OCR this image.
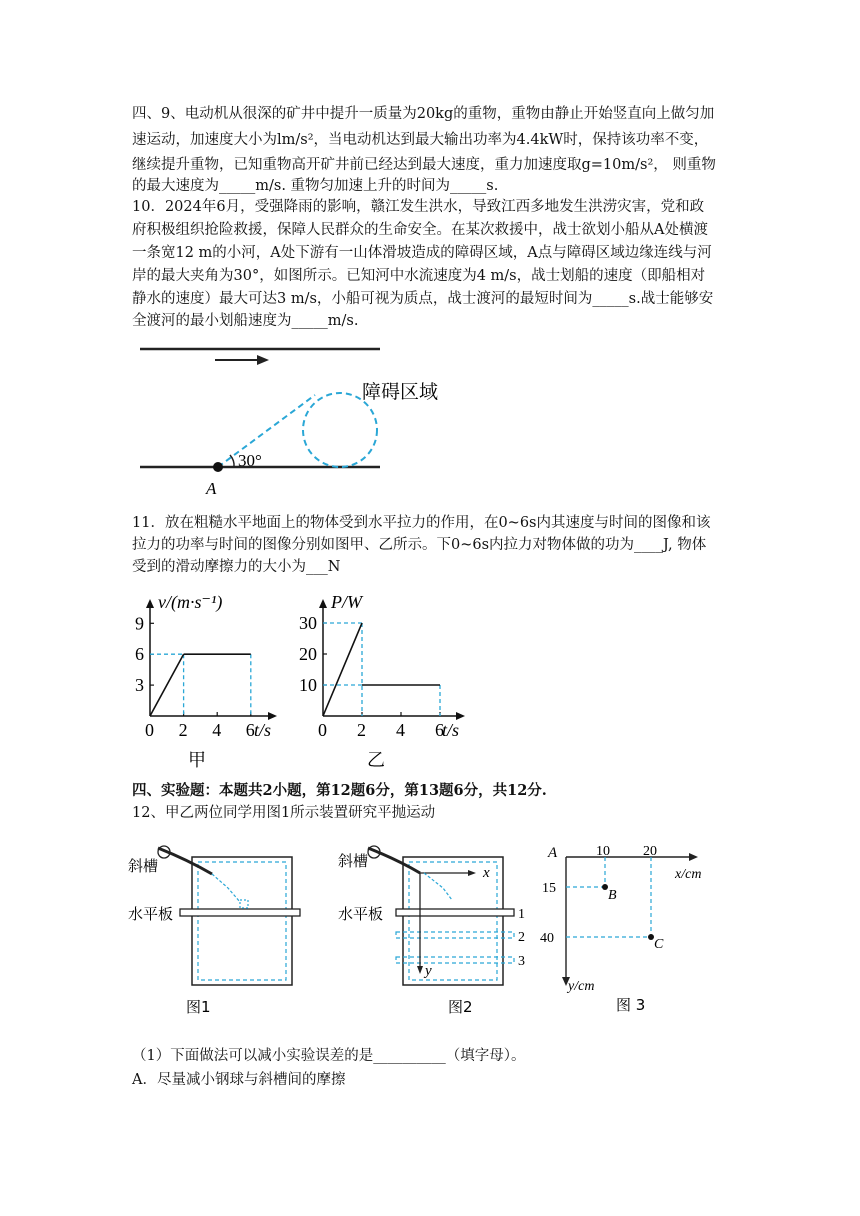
四、9、电动机从很深的矿井中提升一质量为20kg的重物，重物由静止开始竖直向上做匀加
速运动，加速度大小为lm/s²，当电动机达到最大输出功率为4.4kW时，保持该功率不变，
继续提升重物，已知重物高开矿井前已经达到最大速度，重力加速度取g=10m/s²， 则重物
的最大速度为_____m/s. 重物匀加速上升的时间为_____s.
10．2024年6月，受强降雨的影响，赣江发生洪水，导致江西多地发生洪涝灾害，党和政
府积极组织抢险救援，保障人民群众的生命安全。在某次救援中，战士欲划小船从A处横渡
一条宽12 m的小河，A处下游有一山体滑坡造成的障碍区域，A点与障碍区域边缘连线与河
岸的最大夹角为30°，如图所示。已知河中水流速度为4 m/s，战士划船的速度（即船相对
静水的速度）最大可达3 m/s，小船可视为质点，战士渡河的最短时间为_____s.战士能够安
全渡河的最小划船速度为_____m/s.
30°
A
障碍区域
11．放在粗糙水平地面上的物体受到水平拉力的作用，在0~6s内其速度与时间的图像和该
拉力的功率与时间的图像分别如图甲、乙所示。下0~6s内拉力对物体做的功为____J, 物体
受到的滑动摩擦力的大小为___N
0 2 4 6
3
6
9
v/(m·s⁻¹)
t/s
甲
0 2 4 6
10
20
30
P/W
t/s
乙
四、实验题：本题共2小题，第12题6分，第13题6分，共12分.
12、甲乙两位同学用图1所示装置研究平抛运动
斜槽
水平板
图1
斜槽
水平板
x
y
1
2
3
图2
A	10 20
x/cm
15
40
y/cm
B
C
图 3
（1）下面做法可以减小实验误差的是__________（填字母）。
A．尽量减小钢球与斜槽间的摩擦
